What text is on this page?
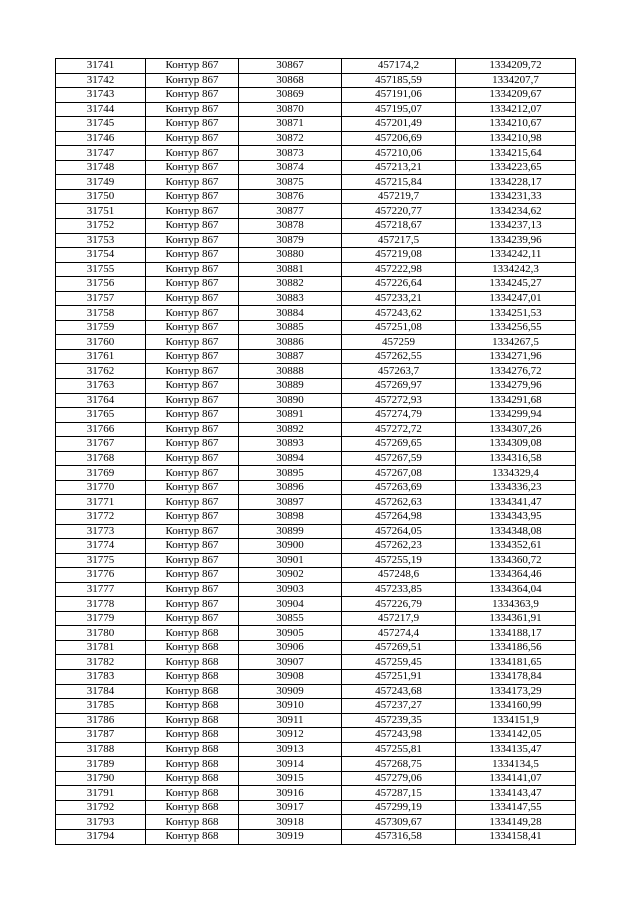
31741	Контур 867	30867	457174,2	1334209,72
31742	Контур 867	30868	457185,59	1334207,7
31743	Контур 867	30869	457191,06	1334209,67
31744	Контур 867	30870	457195,07	1334212,07
31745	Контур 867	30871	457201,49	1334210,67
31746	Контур 867	30872	457206,69	1334210,98
31747	Контур 867	30873	457210,06	1334215,64
31748	Контур 867	30874	457213,21	1334223,65
31749	Контур 867	30875	457215,84	1334228,17
31750	Контур 867	30876	457219,7	1334231,33
31751	Контур 867	30877	457220,77	1334234,62
31752	Контур 867	30878	457218,67	1334237,13
31753	Контур 867	30879	457217,5	1334239,96
31754	Контур 867	30880	457219,08	1334242,11
31755	Контур 867	30881	457222,98	1334242,3
31756	Контур 867	30882	457226,64	1334245,27
31757	Контур 867	30883	457233,21	1334247,01
31758	Контур 867	30884	457243,62	1334251,53
31759	Контур 867	30885	457251,08	1334256,55
31760	Контур 867	30886	457259	1334267,5
31761	Контур 867	30887	457262,55	1334271,96
31762	Контур 867	30888	457263,7	1334276,72
31763	Контур 867	30889	457269,97	1334279,96
31764	Контур 867	30890	457272,93	1334291,68
31765	Контур 867	30891	457274,79	1334299,94
31766	Контур 867	30892	457272,72	1334307,26
31767	Контур 867	30893	457269,65	1334309,08
31768	Контур 867	30894	457267,59	1334316,58
31769	Контур 867	30895	457267,08	1334329,4
31770	Контур 867	30896	457263,69	1334336,23
31771	Контур 867	30897	457262,63	1334341,47
31772	Контур 867	30898	457264,98	1334343,95
31773	Контур 867	30899	457264,05	1334348,08
31774	Контур 867	30900	457262,23	1334352,61
31775	Контур 867	30901	457255,19	1334360,72
31776	Контур 867	30902	457248,6	1334364,46
31777	Контур 867	30903	457233,85	1334364,04
31778	Контур 867	30904	457226,79	1334363,9
31779	Контур 867	30855	457217,9	1334361,91
31780	Контур 868	30905	457274,4	1334188,17
31781	Контур 868	30906	457269,51	1334186,56
31782	Контур 868	30907	457259,45	1334181,65
31783	Контур 868	30908	457251,91	1334178,84
31784	Контур 868	30909	457243,68	1334173,29
31785	Контур 868	30910	457237,27	1334160,99
31786	Контур 868	30911	457239,35	1334151,9
31787	Контур 868	30912	457243,98	1334142,05
31788	Контур 868	30913	457255,81	1334135,47
31789	Контур 868	30914	457268,75	1334134,5
31790	Контур 868	30915	457279,06	1334141,07
31791	Контур 868	30916	457287,15	1334143,47
31792	Контур 868	30917	457299,19	1334147,55
31793	Контур 868	30918	457309,67	1334149,28
31794	Контур 868	30919	457316,58	1334158,41
